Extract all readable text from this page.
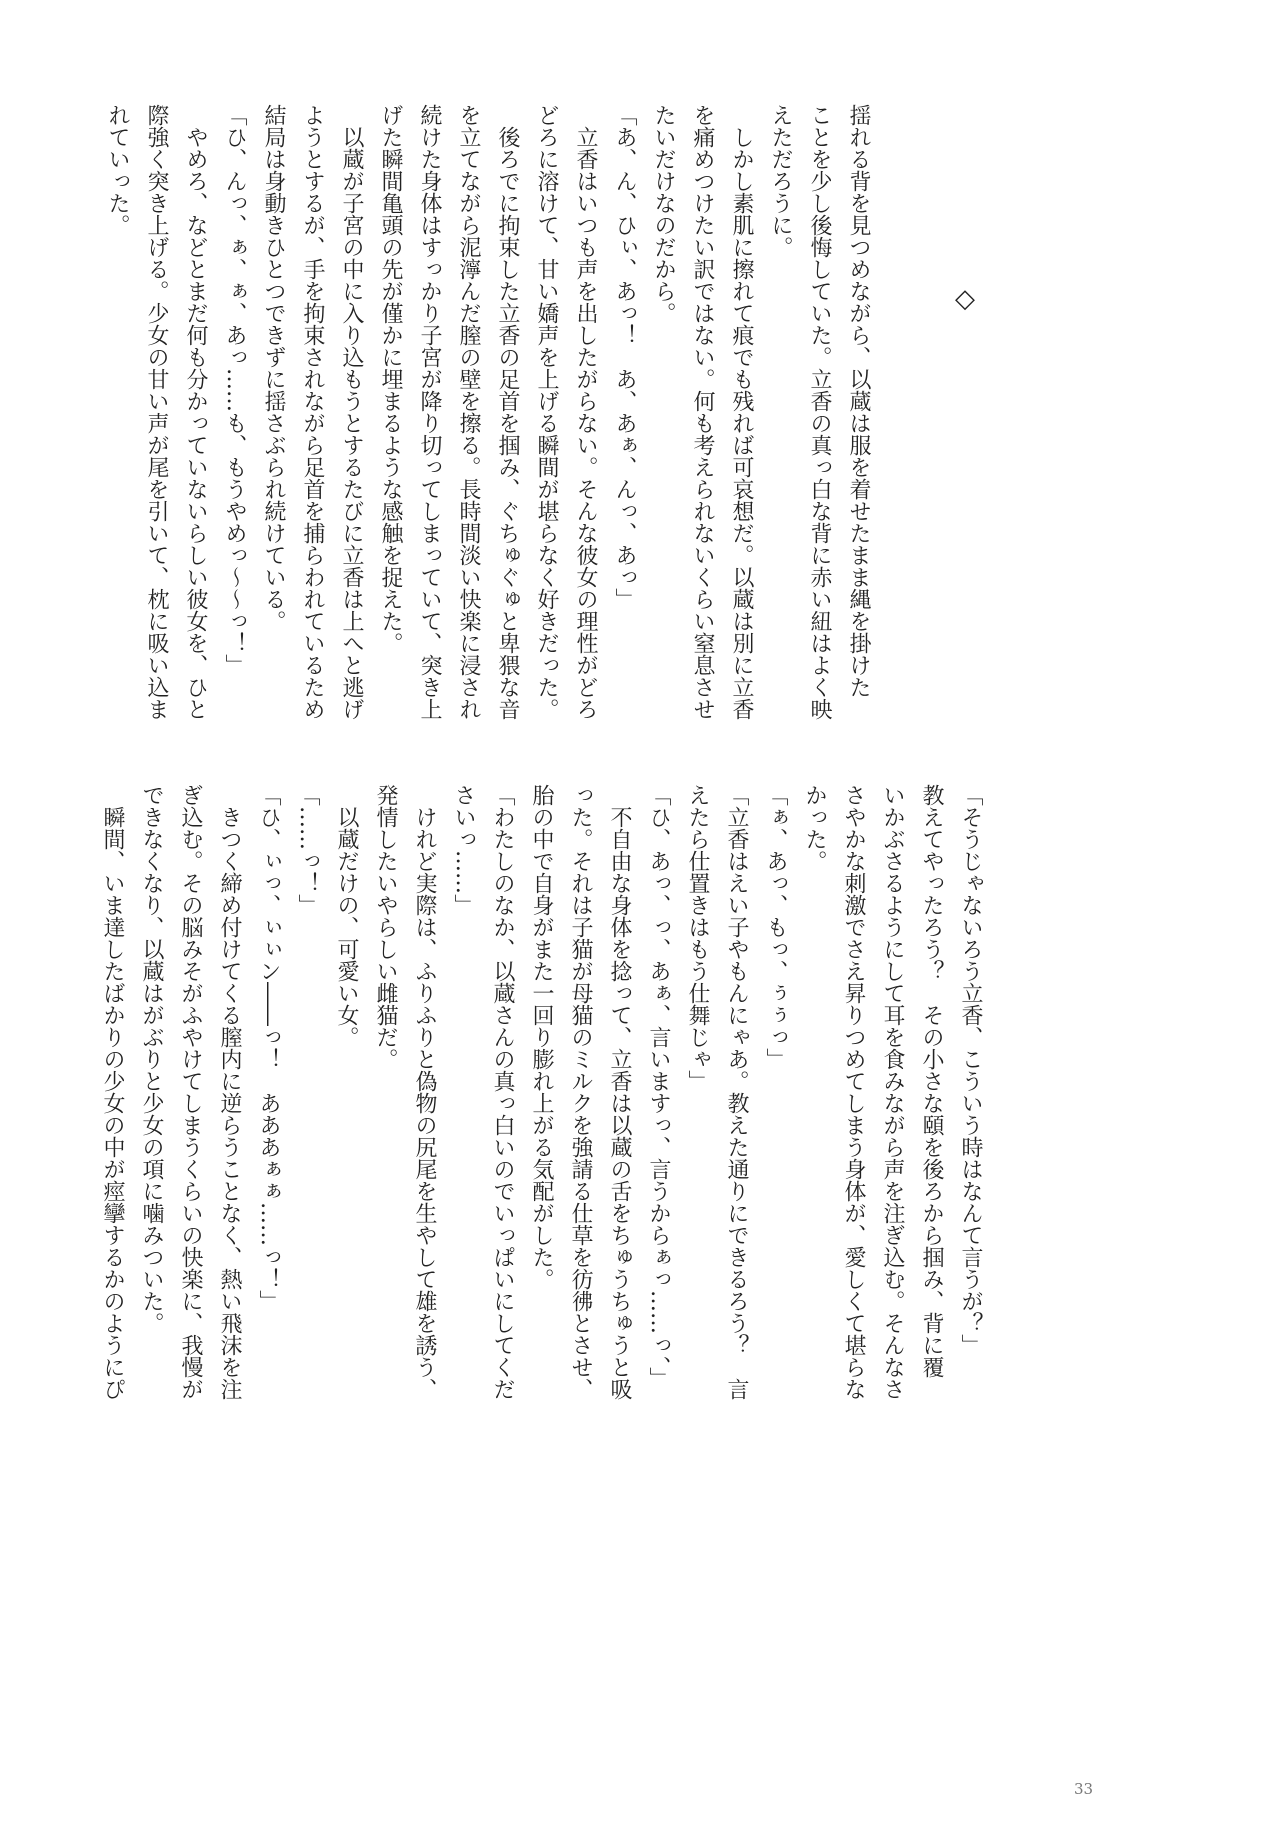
◇
揺れる背を見つめながら、以蔵は服を着せたまま縄を掛けた
ことを少し後悔していた。立香の真っ白な背に赤い紐はよく映
えただろうに。
　しかし素肌に擦れて痕でも残れば可哀想だ。以蔵は別に立香
を痛めつけたい訳ではない。何も考えられないくらい窒息させ
たいだけなのだから。
「あ、ん、ひぃ、あっ！　あ、あぁ、んっ、あっ」
　立香はいつも声を出したがらない。そんな彼女の理性がどろ
どろに溶けて、甘い嬌声を上げる瞬間が堪らなく好きだった。
　後ろでに拘束した立香の足首を掴み、ぐちゅぐゅと卑猥な音
を立てながら泥濘んだ膣の壁を擦る。長時間淡い快楽に浸され
続けた身体はすっかり子宮が降り切ってしまっていて、突き上
げた瞬間亀頭の先が僅かに埋まるような感触を捉えた。
　以蔵が子宮の中に入り込もうとするたびに立香は上へと逃げ
ようとするが、手を拘束されながら足首を捕らわれているため
結局は身動きひとつできずに揺さぶられ続けている。
「ひ、んっ、ぁ、ぁ、あっ……も、もうやめっ〜〜っ！」
　やめろ、などとまだ何も分かっていないらしい彼女を、ひと
際強く突き上げる。少女の甘い声が尾を引いて、枕に吸い込ま
れていった。
「そうじゃないろう立香、こういう時はなんて言うが？」
教えてやったろう？　その小さな頤を後ろから掴み、背に覆
いかぶさるようにして耳を食みながら声を注ぎ込む。そんなさ
さやかな刺激でさえ昇りつめてしまう身体が、愛しくて堪らな
かった。
「ぁ、あっ、もっ、ぅぅっ」
「立香はえい子やもんにゃあ。教えた通りにできるろう？　言
えたら仕置きはもう仕舞じゃ」
「ひ、あっ、っ、あぁ、言いますっ、言うからぁっ……っ、」
　不自由な身体を捻って、立香は以蔵の舌をちゅうちゅうと吸
った。それは子猫が母猫のミルクを強請る仕草を彷彿とさせ、
胎の中で自身がまた一回り膨れ上がる気配がした。
「わたしのなか、以蔵さんの真っ白いのでいっぱいにしてくだ
さいっ……」
　けれど実際は、ふりふりと偽物の尻尾を生やして雄を誘う、
発情したいやらしい雌猫だ。
　以蔵だけの、可愛い女。
「……っ！」
「ひ、ぃっ、ぃぃン――っ！　あああぁぁ……っ！」
　きつく締め付けてくる膣内に逆らうことなく、熱い飛沫を注
ぎ込む。その脳みそがふやけてしまうくらいの快楽に、我慢が
できなくなり、以蔵はがぶりと少女の項に噛みついた。
　瞬間、いま達したばかりの少女の中が痙攣するかのようにぴ
33
